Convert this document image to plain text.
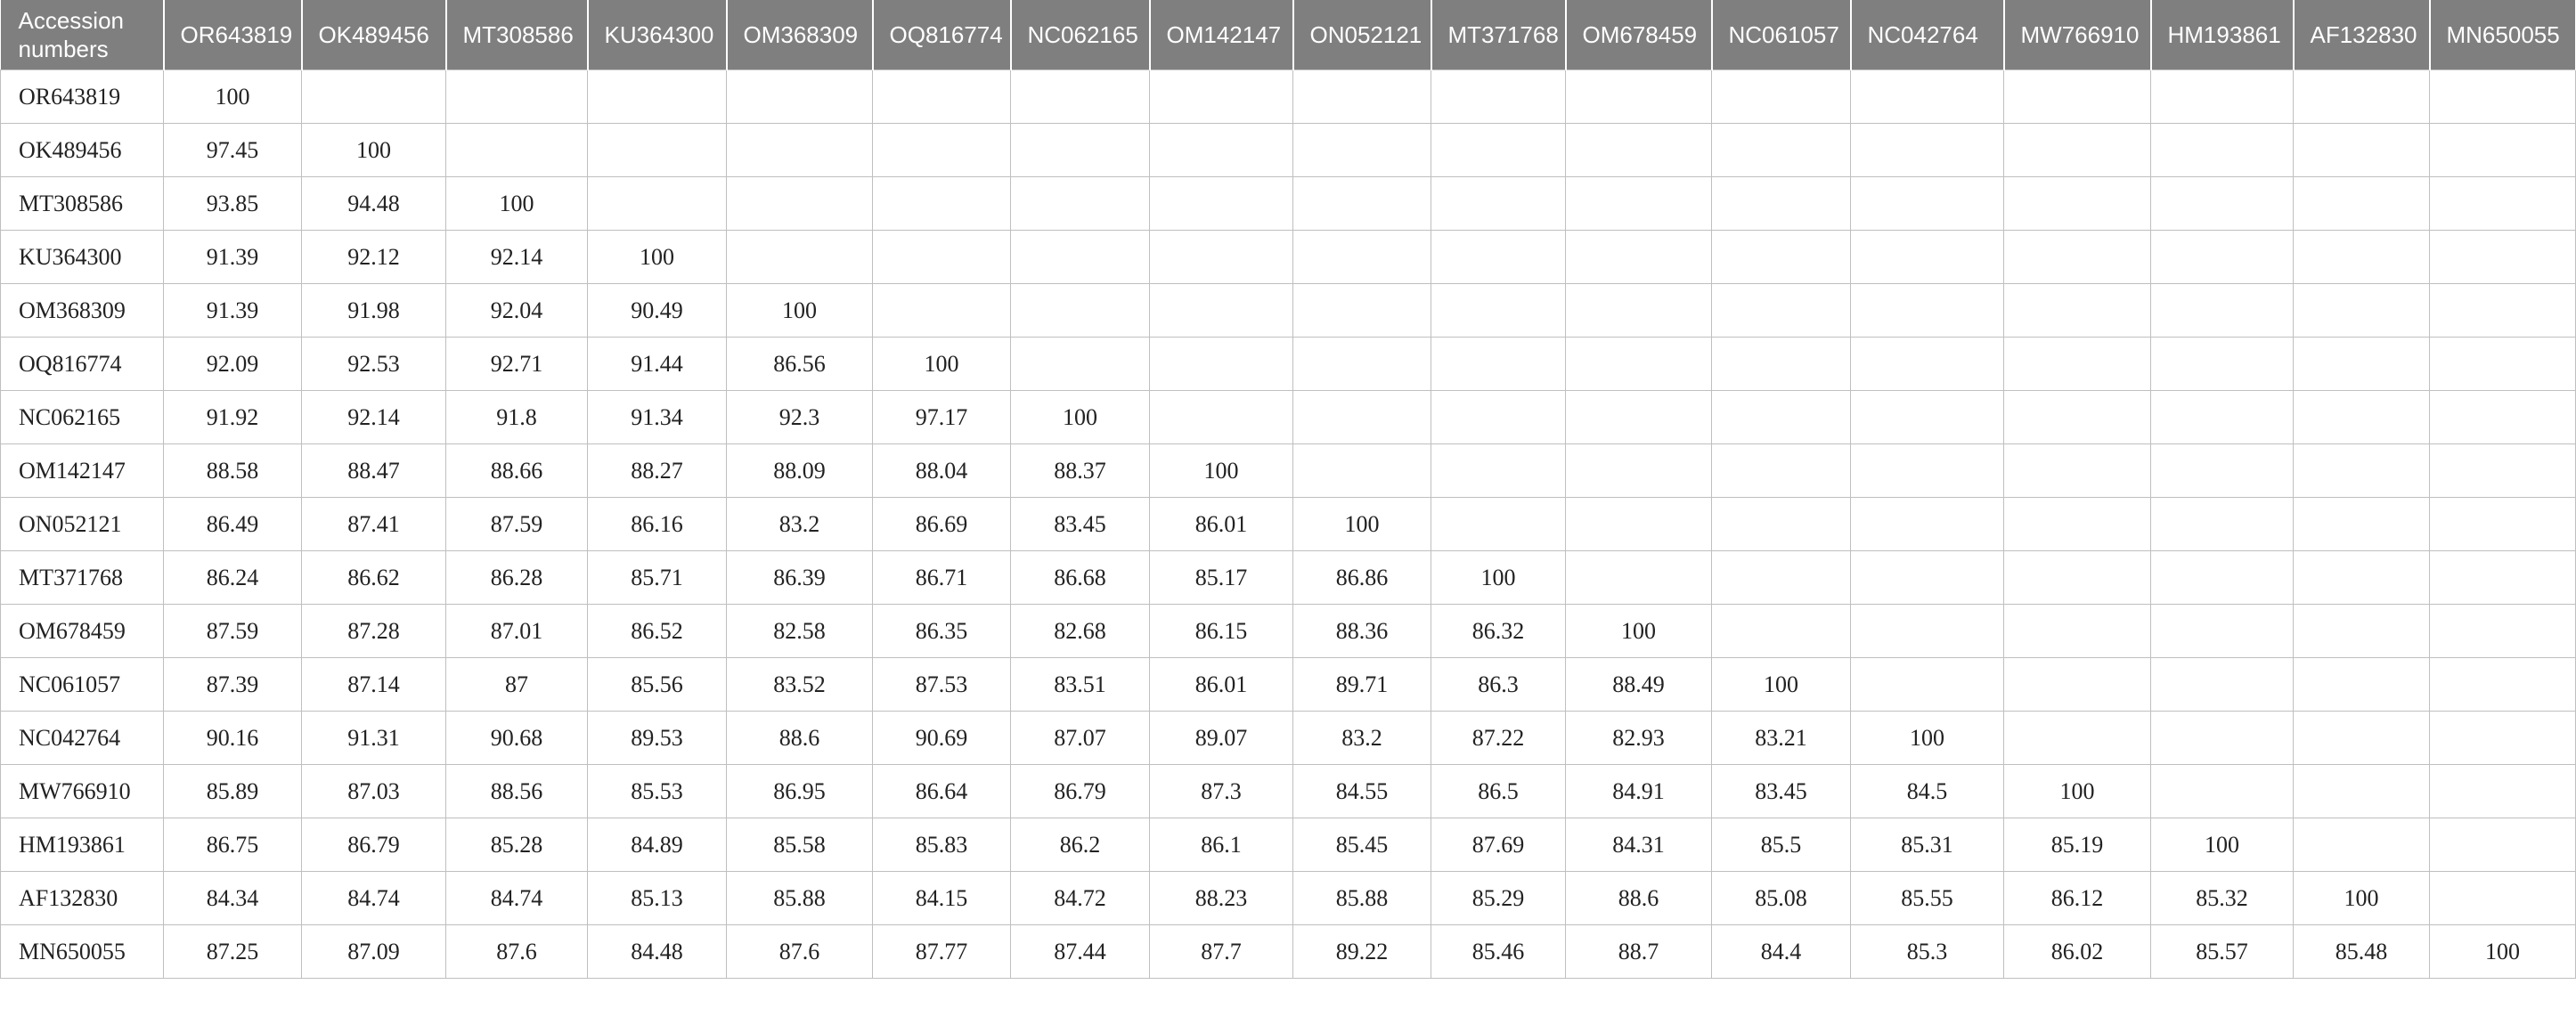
Accession numbers	OR643819	OK489456	MT308586	KU364300	OM368309	OQ816774	NC062165	OM142147	ON052121	MT371768	OM678459	NC061057	NC042764	MW766910	HM193861	AF132830	MN650055
OR643819	100																
OK489456	97.45	100															
MT308586	93.85	94.48	100														
KU364300	91.39	92.12	92.14	100													
OM368309	91.39	91.98	92.04	90.49	100												
OQ816774	92.09	92.53	92.71	91.44	86.56	100											
NC062165	91.92	92.14	91.8	91.34	92.3	97.17	100										
OM142147	88.58	88.47	88.66	88.27	88.09	88.04	88.37	100									
ON052121	86.49	87.41	87.59	86.16	83.2	86.69	83.45	86.01	100								
MT371768	86.24	86.62	86.28	85.71	86.39	86.71	86.68	85.17	86.86	100							
OM678459	87.59	87.28	87.01	86.52	82.58	86.35	82.68	86.15	88.36	86.32	100						
NC061057	87.39	87.14	87	85.56	83.52	87.53	83.51	86.01	89.71	86.3	88.49	100					
NC042764	90.16	91.31	90.68	89.53	88.6	90.69	87.07	89.07	83.2	87.22	82.93	83.21	100				
MW766910	85.89	87.03	88.56	85.53	86.95	86.64	86.79	87.3	84.55	86.5	84.91	83.45	84.5	100			
HM193861	86.75	86.79	85.28	84.89	85.58	85.83	86.2	86.1	85.45	87.69	84.31	85.5	85.31	85.19	100		
AF132830	84.34	84.74	84.74	85.13	85.88	84.15	84.72	88.23	85.88	85.29	88.6	85.08	85.55	86.12	85.32	100	
MN650055	87.25	87.09	87.6	84.48	87.6	87.77	87.44	87.7	89.22	85.46	88.7	84.4	85.3	86.02	85.57	85.48	100
